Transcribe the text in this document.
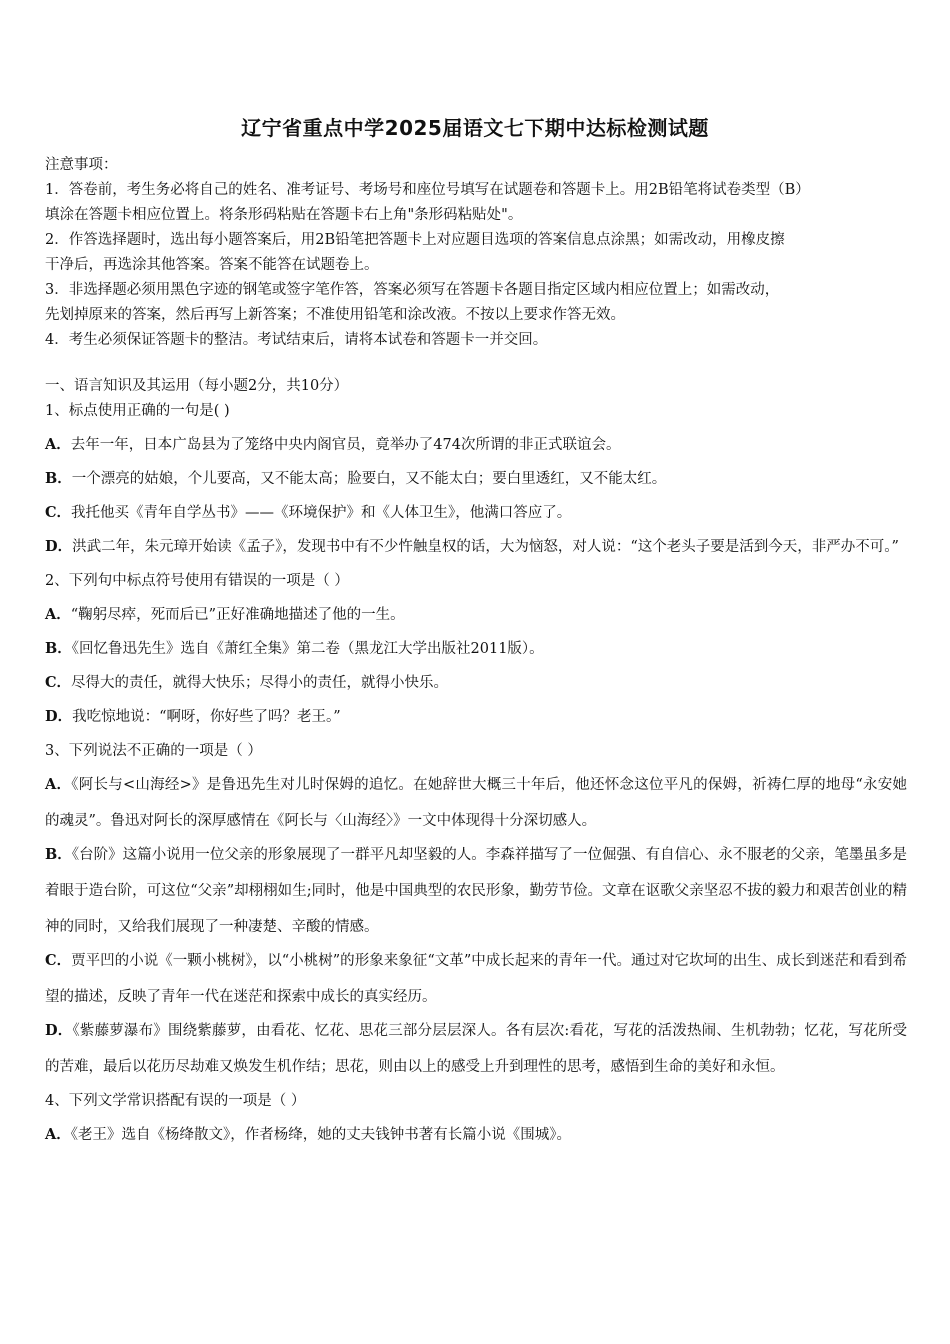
辽宁省重点中学2025届语文七下期中达标检测试题

注意事项：

1．答卷前，考生务必将自己的姓名、准考证号、考场号和座位号填写在试题卷和答题卡上。用2B铅笔将试卷类型（B）

填涂在答题卡相应位置上。将条形码粘贴在答题卡右上角"条形码粘贴处"。

2．作答选择题时，选出每小题答案后，用2B铅笔把答题卡上对应题目选项的答案信息点涂黑；如需改动，用橡皮擦

干净后，再选涂其他答案。答案不能答在试题卷上。

3．非选择题必须用黑色字迹的钢笔或签字笔作答，答案必须写在答题卡各题目指定区域内相应位置上；如需改动，

先划掉原来的答案，然后再写上新答案；不准使用铅笔和涂改液。不按以上要求作答无效。

4．考生必须保证答题卡的整洁。考试结束后，请将本试卷和答题卡一并交回。

一、语言知识及其运用（每小题2分，共10分）

1、标点使用正确的一句是( )

A．去年一年，日本广岛县为了笼络中央内阁官员，竟举办了474次所谓的非正式联谊会。

B．一个漂亮的姑娘，个儿要高，又不能太高；脸要白，又不能太白；要白里透红，又不能太红。

C．我托他买《青年自学丛书》——《环境保护》和《人体卫生》，他满口答应了。

D．洪武二年，朱元璋开始读《孟子》，发现书中有不少忤触皇权的话，大为恼怒，对人说：“这个老头子要是活到今天，非严办不可。”

2、下列句中标点符号使用有错误的一项是（ ）

A．“鞠躬尽瘁，死而后已”正好准确地描述了他的一生。

B．《回忆鲁迅先生》选自《萧红全集》第二卷（黑龙江大学出版社2011版）。

C．尽得大的责任，就得大快乐；尽得小的责任，就得小快乐。

D．我吃惊地说：“啊呀，你好些了吗？老王。”

3、下列说法不正确的一项是（ ）

A．《阿长与<山海经>》是鲁迅先生对儿时保姆的追忆。在她辞世大概三十年后，他还怀念这位平凡的保姆，祈祷仁厚的地母“永安她的魂灵”。鲁迅对阿长的深厚感情在《阿长与〈山海经〉》一文中体现得十分深切感人。

B．《台阶》这篇小说用一位父亲的形象展现了一群平凡却坚毅的人。李森祥描写了一位倔强、有自信心、永不服老的父亲，笔墨虽多是着眼于造台阶，可这位“父亲”却栩栩如生;同时，他是中国典型的农民形象，勤劳节俭。文章在讴歌父亲坚忍不拔的毅力和艰苦创业的精神的同时，又给我们展现了一种凄楚、辛酸的情感。

C．贾平凹的小说《一颗小桃树》，以“小桃树”的形象来象征“文革”中成长起来的青年一代。通过对它坎坷的出生、成长到迷茫和看到希望的描述，反映了青年一代在迷茫和探索中成长的真实经历。

D．《紫藤萝瀑布》围绕紫藤萝，由看花、忆花、思花三部分层层深人。各有层次:看花，写花的活泼热闹、生机勃勃；忆花，写花所受的苦难，最后以花历尽劫难又焕发生机作结；思花，则由以上的感受上升到理性的思考，感悟到生命的美好和永恒。

4、下列文学常识搭配有误的一项是（ ）

A．《老王》选自《杨绛散文》，作者杨绛，她的丈夫钱钟书著有长篇小说《围城》。
